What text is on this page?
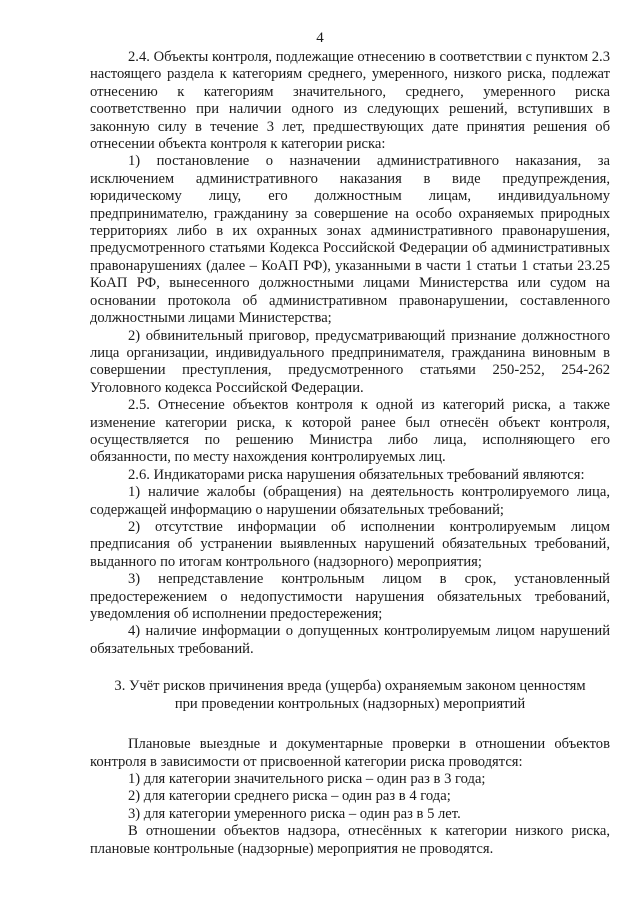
4

2.4. Объекты контроля, подлежащие отнесению в соответствии с пунктом 2.3 настоящего раздела к категориям среднего, умеренного, низкого риска, подлежат отнесению к категориям значительного, среднего, умеренного риска соответственно при наличии одного из следующих решений, вступивших в законную силу в течение 3 лет, предшествующих дате принятия решения об отнесении объекта контроля к категории риска:

1) постановление о назначении административного наказания, за исключением административного наказания в виде предупреждения, юридическому лицу, его должностным лицам, индивидуальному предпринимателю, гражданину за совершение на особо охраняемых природных территориях либо в их охранных зонах административного правонарушения, предусмотренного статьями Кодекса Российской Федерации об административных правонарушениях (далее – КоАП РФ), указанными в части 1 статьи 1 статьи 23.25 КоАП РФ, вынесенного должностными лицами Министерства или судом на основании протокола об административном правонарушении, составленного должностными лицами Министерства;

2) обвинительный приговор, предусматривающий признание должностного лица организации, индивидуального предпринимателя, гражданина виновным в совершении преступления, предусмотренного статьями 250-252, 254-262 Уголовного кодекса Российской Федерации.

2.5. Отнесение объектов контроля к одной из категорий риска, а также изменение категории риска, к которой ранее был отнесён объект контроля, осуществляется по решению Министра либо лица, исполняющего его обязанности, по месту нахождения контролируемых лиц.

2.6. Индикаторами риска нарушения обязательных требований являются:

1) наличие жалобы (обращения) на деятельность контролируемого лица, содержащей информацию о нарушении обязательных требований;

2) отсутствие информации об исполнении контролируемым лицом предписания об устранении выявленных нарушений обязательных требований, выданного по итогам контрольного (надзорного) мероприятия;

3) непредставление контрольным лицом в срок, установленный предостережением о недопустимости нарушения обязательных требований, уведомления об исполнении предостережения;

4) наличие информации о допущенных контролируемым лицом нарушений обязательных требований.

3. Учёт рисков причинения вреда (ущерба) охраняемым законом ценностям
при проведении контрольных (надзорных) мероприятий

Плановые выездные и документарные проверки в отношении объектов контроля в зависимости от присвоенной категории риска проводятся:

1) для категории значительного риска – один раз в 3 года;

2) для категории среднего риска – один раз в 4 года;

3) для категории умеренного риска – один раз в 5 лет.

В отношении объектов надзора, отнесённых к категории низкого риска, плановые контрольные (надзорные) мероприятия не проводятся.
